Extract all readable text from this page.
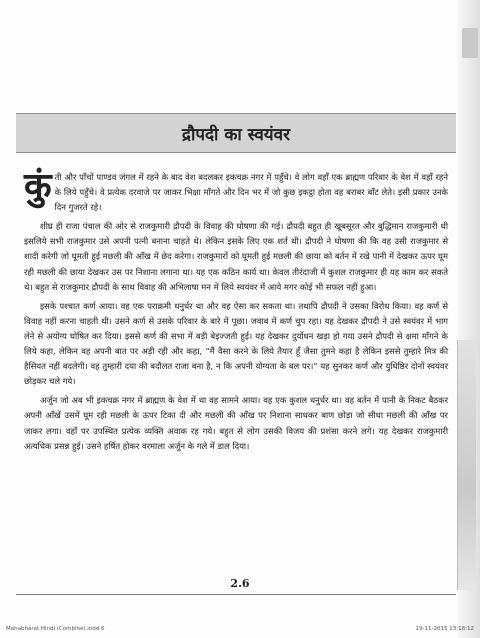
द्रौपदी का स्वयंवर

कुंती और पाँचों पाण्डव जंगल में रहने के बाद वेश बदलकर इकचक्र नगर में पहुँचे। वे लोग वहाँ एक ब्राह्मण परिवार के वेश में वहाँ रहने के लिये पहुँचे। वे प्रत्येक दरवाजे पर जाकर भिक्षा माँगते और दिन भर में जो कुछ इकट्ठा होता वह बराबर बाँट लेते। इसी प्रकार उनके दिन गुजरते रहे।

शीघ्र ही राजा पंचाल की ओर से राजकुमारी द्रौपदी के विवाह की घोषणा की गई। द्रौपदी बहुत ही खूबसूरत और बुद्धिमान राजकुमारी थी इसलिये सभी राजकुमार उसे अपनी पत्नी बनाना चाहते थे। लेकिन इसके लिए एक शर्त थी। द्रौपदी ने घोषणा की कि वह उसी राजकुमार से शादी करेगी जो घूमती हुई मछली की आँख में छेद करेगा। राजकुमारों को घूमती हुई मछली की छाया को बर्तन में रखे पानी में देखकर ऊपर घूम रही मछली की छाया देखकर उस पर निशाना लगाना था। यह एक कठिन कार्य था। केवल तीरंदाजी में कुशल राजकुमार ही यह काम कर सकते थे। बहुत से राजकुमार द्रौपदी के साथ विवाह की अभिलाषा मन में लिये स्वयंवर में आये मगर कोई भी सफल नहीं हुआ।

इसके पश्चात कर्ण आया। वह एक पराक्रमी धनुर्धर था और वह ऐसा कर सकता था। तथापि द्रौपदी ने उसका विरोध किया। वह कर्ण से विवाह नहीं करना चाहती थी। उसने कर्ण से उसके परिवार के बारे में पूछा। जवाब में कर्ण चुप रहा। यह देखकर द्रौपदी ने उसे स्वयंवर में भाग लेने से अयोग्य घोषित कर दिया। इससे कर्ण की सभा में बड़ी बेइज्जती हुई। यह देखकर दुर्योधन खड़ा हो गया उसने द्रौपदी से क्षमा माँगने के लिये कहा, लेकिन वह अपनी बात पर अड़ी रही और कहा, “मैं वैसा करने के लिये तैयार हूँ जैसा तुमने कहा है लेकिन इससे तुम्हारे मित्र की हैसियत नहीं बदलेगी। वह तुम्हारी दया की बदौलत राजा बना है, न कि अपनी योग्यता के बल पर।” यह सुनकर कर्ण और युधिष्ठिर दोनों स्वयंवर छोड़कर चले गये।

अर्जुन जो अब भी इकचक्र नगर में ब्राह्मण के वेश में था वह सामने आया। वह एक कुशल धनुर्धर था। वह बर्तन में पानी के निकट बैठकर अपनी आँखें उसमें घूम रही मछली के ऊपर टिका दी और मछली की आँख पर निशाना साधकर बाण छोड़ा जो सीधा मछली की आँख पर जाकर लगा। वहाँ पर उपस्थित प्रत्येक व्यक्ति अवाक रह गये। बहुत से लोग उसकी विजय की प्रशंसा करने लगे। यह देखकर राजकुमारी अत्यधिक प्रसन्न हुई। उसने हर्षित होकर वरमाला अर्जुन के गले में डाल दिया।

2.6
Mahabharat Hindi (Combine).indd 6	19-11-2015 13:18:12
